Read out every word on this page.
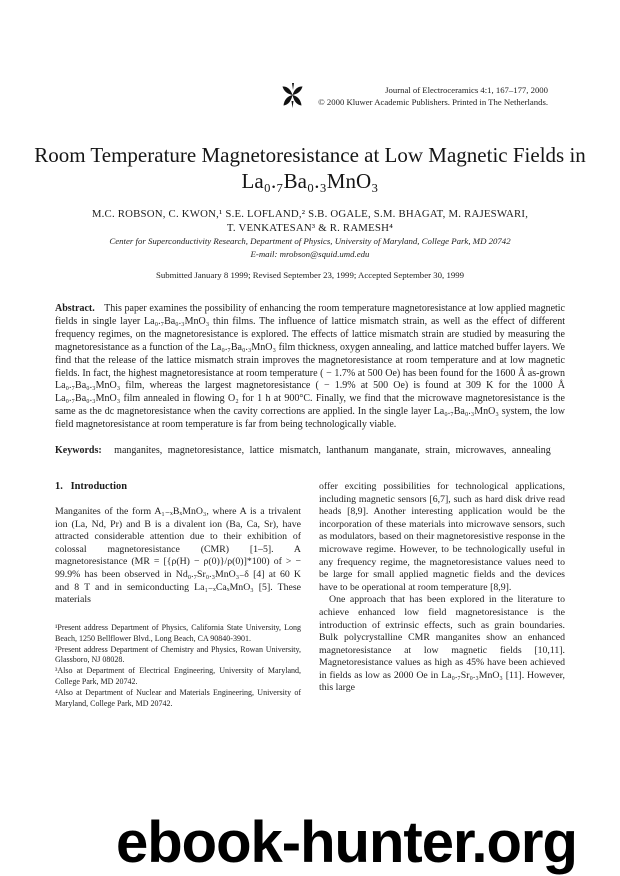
Journal of Electroceramics 4:1, 167–177, 2000
© 2000 Kluwer Academic Publishers. Printed in The Netherlands.
Room Temperature Magnetoresistance at Low Magnetic Fields in
La₀.₇Ba₀.₃MnO₃
M.C. ROBSON, C. KWON,¹ S.E. LOFLAND,² S.B. OGALE, S.M. BHAGAT, M. RAJESWARI,
T. VENKATESAN³ & R. RAMESH⁴
Center for Superconductivity Research, Department of Physics, University of Maryland, College Park, MD 20742
E-mail: mrobson@squid.umd.edu
Submitted January 8 1999; Revised September 23, 1999; Accepted September 30, 1999

Abstract. This paper examines the possibility of enhancing the room temperature magnetoresistance at low applied magnetic fields in single layer La₀.₇Ba₀.₃MnO₃ thin films. The influence of lattice mismatch strain, as well as the effect of different frequency regimes, on the magnetoresistance is explored. The effects of lattice mismatch strain are studied by measuring the magnetoresistance as a function of the La₀.₇Ba₀.₃MnO₃ film thickness, oxygen annealing, and lattice matched buffer layers. We find that the release of the lattice mismatch strain improves the magnetoresistance at room temperature and at low magnetic fields. In fact, the highest magnetoresistance at room temperature ( − 1.7% at 500 Oe) has been found for the 1600 Å as-grown La₀.₇Ba₀.₃MnO₃ film, whereas the largest magnetoresistance ( − 1.9% at 500 Oe) is found at 309 K for the 1000 Å La₀.₇Ba₀.₃MnO₃ film annealed in flowing O₂ for 1 h at 900°C. Finally, we find that the microwave magnetoresistance is the same as the dc magnetoresistance when the cavity corrections are applied. In the single layer La₀.₇Ba₀.₃MnO₃ system, the low field magnetoresistance at room temperature is far from being technologically viable.

Keywords: manganites, magnetoresistance, lattice mismatch, lanthanum manganate, strain, microwaves, annealing

1.   Introduction

Manganites of the form A₁₋ₓBₓMnO₃, where A is a trivalent ion (La, Nd, Pr) and B is a divalent ion (Ba, Ca, Sr), have attracted considerable attention due to their exhibition of colossal magnetoresistance (CMR) [1–5]. A magnetoresistance (MR = [{ρ(H) − ρ(0)}/ρ(0)]*100) of > − 99.9% has been observed in Nd₀.₇Sr₀.₃MnO₃₋δ [4] at 60 K and 8 T and in semiconducting La₁₋ₓCaₓMnO₃ [5]. These materials

¹Present address Department of Physics, California State University, Long Beach, 1250 Bellflower Blvd., Long Beach, CA 90840-3901.
²Present address Department of Chemistry and Physics, Rowan University, Glassboro, NJ 08028.
³Also at Department of Electrical Engineering, University of Maryland, College Park, MD 20742.
⁴Also at Department of Nuclear and Materials Engineering, University of Maryland, College Park, MD 20742.

offer exciting possibilities for technological applications, including magnetic sensors [6,7], such as hard disk drive read heads [8,9]. Another interesting application would be the incorporation of these materials into microwave sensors, such as modulators, based on their magnetoresistive response in the microwave regime. However, to be technologically useful in any frequency regime, the magnetoresistance values need to be large for small applied magnetic fields and the devices have to be operational at room temperature [8,9].

One approach that has been explored in the literature to achieve enhanced low field magnetoresistance is the introduction of extrinsic effects, such as grain boundaries. Bulk polycrystalline CMR manganites show an enhanced magnetoresistance at low magnetic fields [10,11]. Magnetoresistance values as high as 45% have been achieved in fields as low as 2000 Oe in La₀.₇Sr₀.₃MnO₃ [11]. However, this large

ebook-hunter.org
